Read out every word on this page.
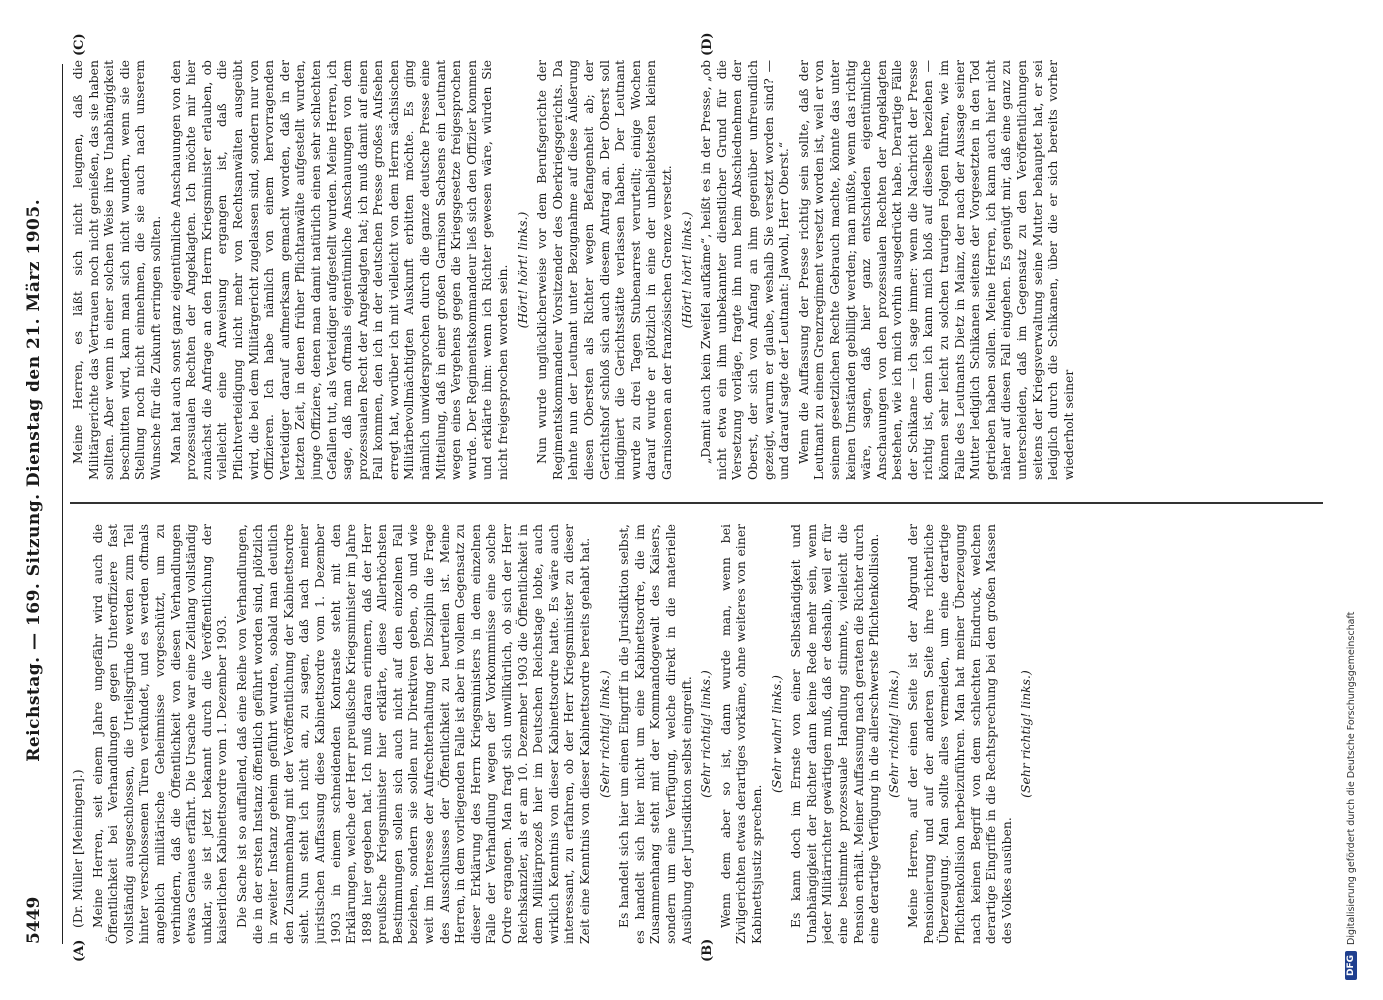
5449
Reichstag. — 169. Sitzung. Dienstag den 21. März 1905.
(A)	(B)
(C)	(D)

(Dr. Müller [Meiningen].) Meine Herren, seit einem Jahre ungefähr wird auch die Öffentlichkeit bei Verhandlungen gegen Unteroffiziere fast vollständig ausgeschlossen, die Urteilsgründe werden zum Teil hinter verschlossenen Türen verkündet, und es werden oftmals angeblich militärische Geheimnisse vorgeschützt, um zu verhindern, daß die Öffentlichkeit von diesen Verhandlungen etwas Genaues erfährt. Die Ursache war eine Zeitlang vollständig unklar, sie ist jetzt bekannt durch die Veröffentlichung der kaiserlichen Kabinettsordre vom 1. Dezember 1903. Die Sache ist so auffallend, daß eine Reihe von Verhandlungen, die in der ersten Instanz öffentlich geführt worden sind, plötzlich in zweiter Instanz geheim geführt wurden, sobald man deutlich den Zusammenhang mit der Veröffentlichung der Kabinettsordre sieht. Nun steht ich nicht an, zu sagen, daß nach meiner juristischen Auffassung diese Kabinettsordre vom 1. Dezember 1903 in einem schneidenden Kontraste steht mit den Erklärungen, welche der Herr preußische Kriegsminister im Jahre 1898 hier gegeben hat. Ich muß daran erinnern, daß der Herr preußische Kriegsminister hier erklärte, diese Allerhöchsten Bestimmungen sollen sich auch nicht auf den einzelnen Fall beziehen, sondern sie sollen nur Direktiven geben, ob und wie weit im Interesse der Aufrechterhaltung der Disziplin die Frage des Ausschlusses der Öffentlichkeit zu beurteilen ist. Meine Herren, in dem vorliegenden Falle ist aber in vollem Gegensatz zu dieser Erklärung des Herrn Kriegsministers in dem einzelnen Falle der Verhandlung wegen der Vorkommnisse eine solche Ordre ergangen. Man fragt sich unwillkürlich, ob sich der Herr Reichskanzler, als er am 10. Dezember 1903 die Öffentlichkeit in dem Militärprozeß hier im Deutschen Reichstage lobte, auch wirklich Kenntnis von dieser Kabinettsordre hatte. Es wäre auch interessant, zu erfahren, ob der Herr Kriegsminister zu dieser Zeit eine Kenntnis von dieser Kabinettsordre bereits gehabt hat. (Sehr richtig! links.) Es handelt sich hier um einen Eingriff in die Jurisdiktion selbst, es handelt sich hier nicht um eine Kabinettsordre, die im Zusammenhang steht mit der Kommandogewalt des Kaisers, sondern um eine Verfügung, welche direkt in die materielle Ausübung der Jurisdiktion selbst eingreift. (Sehr richtig! links.) Wenn dem aber so ist, dann wurde man, wenn bei Zivilgerichten etwas derartiges vorkäme, ohne weiteres von einer Kabinettsjustiz sprechen.

(Sehr wahr! links.) Es kann doch im Ernste von einer Selbständigkeit und Unabhängigkeit der Richter dann keine Rede mehr sein, wenn jeder Militärrichter gewärtigen muß, daß er deshalb, weil er für eine bestimmte prozessuale Handlung stimmte, vielleicht die Pension erhält. Meiner Auffassung nach geraten die Richter durch eine derartige Verfügung in die allerschwerste Pflichtenkollision. (Sehr richtig! links.) Meine Herren, auf der einen Seite ist der Abgrund der Pensionierung und auf der anderen Seite ihre richterliche Überzeugung. Man sollte alles vermeiden, um eine derartige Pflichtenkollision herbeizuführen. Man hat meiner Überzeugung nach keinen Begriff von dem schlechten Eindruck, welchen derartige Eingriffe in die Rechtsprechung bei den großen Massen des Volkes ausüben.

(Sehr richtig! links.)

Meine Herren, es läßt sich nicht leugnen, daß die Militärgerichte das Vertrauen noch nicht genießen, das sie haben sollten. Aber wenn in einer solchen Weise ihre Unabhängigkeit beschnitten wird, kann man sich nicht wundern, wenn sie die Stellung noch nicht einnehmen, die sie auch nach unserem Wunsche für die Zukunft erringen sollten. Man hat auch sonst ganz eigentümliche Anschauungen von den prozessualen Rechten der Angeklagten. Ich möchte mir hier zunächst die Anfrage an den Herrn Kriegsminister erlauben, ob vielleicht eine Anweisung ergangen ist, daß die Pflichtverteidigung nicht mehr von Rechtsanwälten ausgeübt wird, die bei dem Militärgericht zugelassen sind, sondern nur von Offizieren. Ich habe nämlich von einem hervorragenden Verteidiger darauf aufmerksam gemacht worden, daß in der letzten Zeit, in denen früher Pflichtanwälte aufgestellt wurden, junge Offiziere, denen man damit natürlich einen sehr schlechten Gefallen tut, als Verteidiger aufgestellt wurden. Meine Herren, ich sage, daß man oftmals eigentümliche Anschauungen von dem prozessualen Recht der Angeklagten hat; ich muß damit auf einen Fall kommen, den ich in der deutschen Presse großes Aufsehen erregt hat, worüber ich mit vielleicht von dem Herrn sächsischen Militärbevollmächtigten Auskunft erbitten möchte. Es ging nämlich unwidersprochen durch die ganze deutsche Presse eine Mitteilung, daß in einer großen Garnison Sachsens ein Leutnant wegen eines Vergehens gegen die Kriegsgesetze freigesprochen wurde. Der Regimentskommandeur ließ sich den Offizier kommen und erklärte ihm: wenn ich Richter gewesen wäre, würden Sie nicht freigesprochen worden sein. (Hört! hört! links.) Nun wurde unglücklicherweise vor dem Berufsgerichte der Regimentskommandeur Vorsitzender des Oberkriegsgerichts. Da lehnte nun der Leutnant unter Bezugnahme auf diese Äußerung diesen Obersten als Richter wegen Befangenheit ab; der Gerichtshof schloß sich auch diesem Antrag an. Der Oberst soll indigniert die Gerichtsstätte verlassen haben. Der Leutnant wurde zu drei Tagen Stubenarrest verurteilt; einige Wochen darauf wurde er plötzlich in eine der unbeliebtesten kleinen Garnisonen an der französischen Grenze versetzt. (Hört! hört! links.) „Damit auch kein Zweifel aufkäme“, heißt es in der Presse, „ob nicht etwa ein ihm unbekannter dienstlicher Grund für die Versetzung vorläge, fragte ihn nun beim Abschiednehmen der Oberst, der sich von Anfang an ihm gegenüber unfreundlich gezeigt, warum er glaube, weshalb Sie versetzt worden sind? — und darauf sagte der Leutnant: Jawohl, Herr Oberst.“ Wenn die Auffassung der Presse richtig sein sollte, daß der Leutnant zu einem Grenzregiment versetzt worden ist, weil er von seinem gesetzlichen Rechte Gebrauch machte, könnte das unter keinen Umständen gebilligt werden; man müßte, wenn das richtig wäre, sagen, daß hier ganz entschieden eigentümliche Anschauungen von den prozessualen Rechten der Angeklagten bestehen, wie ich mich vorhin ausgedrückt habe. Derartige Fälle der Schikane — ich sage immer: wenn die Nachricht der Presse richtig ist, denn ich kann mich bloß auf dieselbe beziehen — können sehr leicht zu solchen traurigen Folgen führen, wie im Falle des Leutnants Dietz in Mainz, der nach der Aussage seiner Mutter lediglich Schikanen seitens der Vorgesetzten in den Tod getrieben haben sollen. Meine Herren, ich kann auch hier nicht näher auf diesen Fall eingehen. Es genügt mir, daß eine ganz zu unterscheiden, daß im Gegensatz zu den Veröffentlichungen seitens der Kriegsverwaltung seine Mutter behauptet hat, er sei lediglich durch die Schikanen, über die er sich bereits vorher wiederholt seiner

DFG
Digitalisierung gefördert durch die Deutsche Forschungsgemeinschaft
